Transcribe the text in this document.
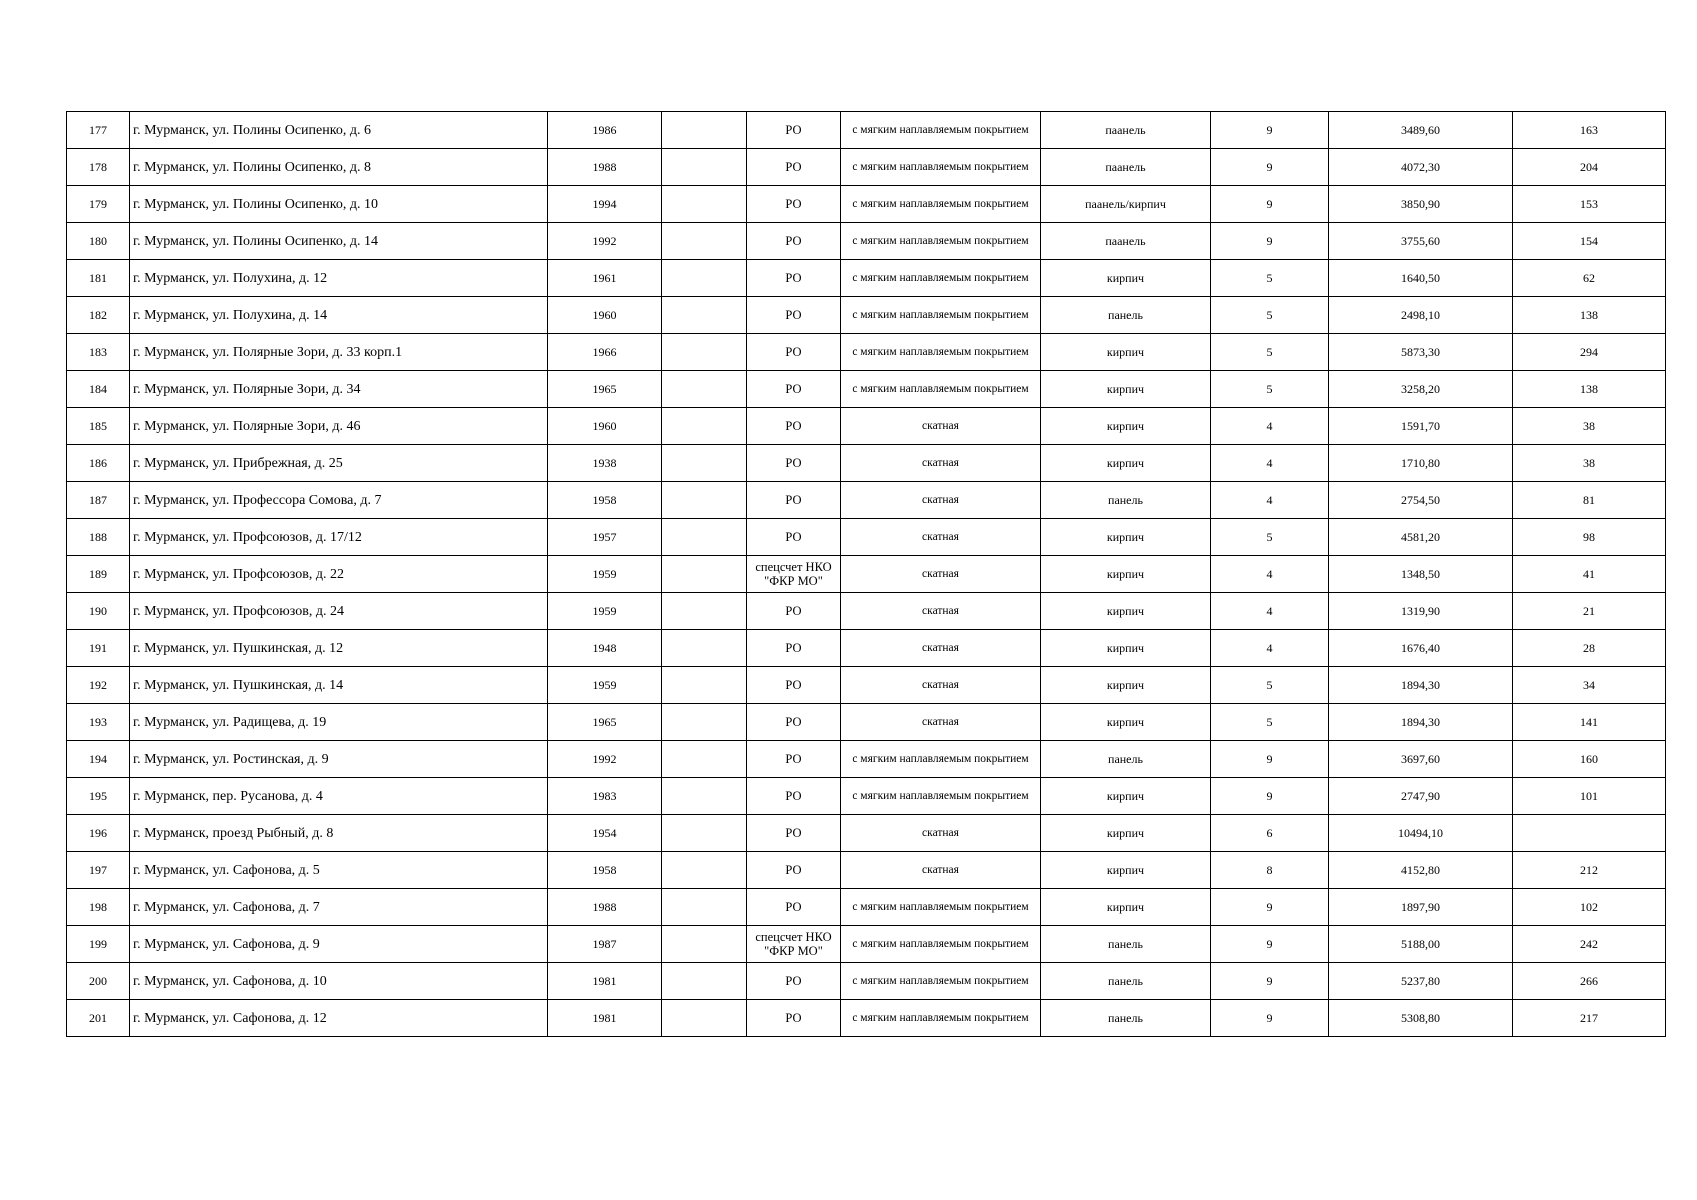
177	г. Мурманск, ул. Полины Осипенко, д. 6	1986		РО	с мягким наплавляемым покрытием	паанель	9	3489,60	163
178	г. Мурманск, ул. Полины Осипенко, д. 8	1988		РО	с мягким наплавляемым покрытием	паанель	9	4072,30	204
179	г. Мурманск, ул. Полины Осипенко, д. 10	1994		РО	с мягким наплавляемым покрытием	паанель/кирпич	9	3850,90	153
180	г. Мурманск, ул. Полины Осипенко, д. 14	1992		РО	с мягким наплавляемым покрытием	паанель	9	3755,60	154
181	г. Мурманск, ул. Полухина, д. 12	1961		РО	с мягким наплавляемым покрытием	кирпич	5	1640,50	62
182	г. Мурманск, ул. Полухина, д. 14	1960		РО	с мягким наплавляемым покрытием	панель	5	2498,10	138
183	г. Мурманск, ул. Полярные Зори, д. 33 корп.1	1966		РО	с мягким наплавляемым покрытием	кирпич	5	5873,30	294
184	г. Мурманск, ул. Полярные Зори, д. 34	1965		РО	с мягким наплавляемым покрытием	кирпич	5	3258,20	138
185	г. Мурманск, ул. Полярные Зори, д. 46	1960		РО	скатная	кирпич	4	1591,70	38
186	г. Мурманск, ул. Прибрежная, д. 25	1938		РО	скатная	кирпич	4	1710,80	38
187	г. Мурманск, ул. Профессора Сомова, д. 7	1958		РО	скатная	панель	4	2754,50	81
188	г. Мурманск, ул. Профсоюзов, д. 17/12	1957		РО	скатная	кирпич	5	4581,20	98
189	г. Мурманск, ул. Профсоюзов, д. 22	1959		спецсчет НКО "ФКР МО"	скатная	кирпич	4	1348,50	41
190	г. Мурманск, ул. Профсоюзов, д. 24	1959		РО	скатная	кирпич	4	1319,90	21
191	г. Мурманск, ул. Пушкинская, д. 12	1948		РО	скатная	кирпич	4	1676,40	28
192	г. Мурманск, ул. Пушкинская, д. 14	1959		РО	скатная	кирпич	5	1894,30	34
193	г. Мурманск, ул. Радищева, д. 19	1965		РО	скатная	кирпич	5	1894,30	141
194	г. Мурманск, ул. Ростинская, д. 9	1992		РО	с мягким наплавляемым покрытием	панель	9	3697,60	160
195	г. Мурманск, пер. Русанова, д. 4	1983		РО	с мягким наплавляемым покрытием	кирпич	9	2747,90	101
196	г. Мурманск, проезд Рыбный, д. 8	1954		РО	скатная	кирпич	6	10494,10	
197	г. Мурманск, ул. Сафонова, д. 5	1958		РО	скатная	кирпич	8	4152,80	212
198	г. Мурманск, ул. Сафонова, д. 7	1988		РО	с мягким наплавляемым покрытием	кирпич	9	1897,90	102
199	г. Мурманск, ул. Сафонова, д. 9	1987		спецсчет НКО "ФКР МО"	с мягким наплавляемым покрытием	панель	9	5188,00	242
200	г. Мурманск, ул. Сафонова, д. 10	1981		РО	с мягким наплавляемым покрытием	панель	9	5237,80	266
201	г. Мурманск, ул. Сафонова, д. 12	1981		РО	с мягким наплавляемым покрытием	панель	9	5308,80	217
